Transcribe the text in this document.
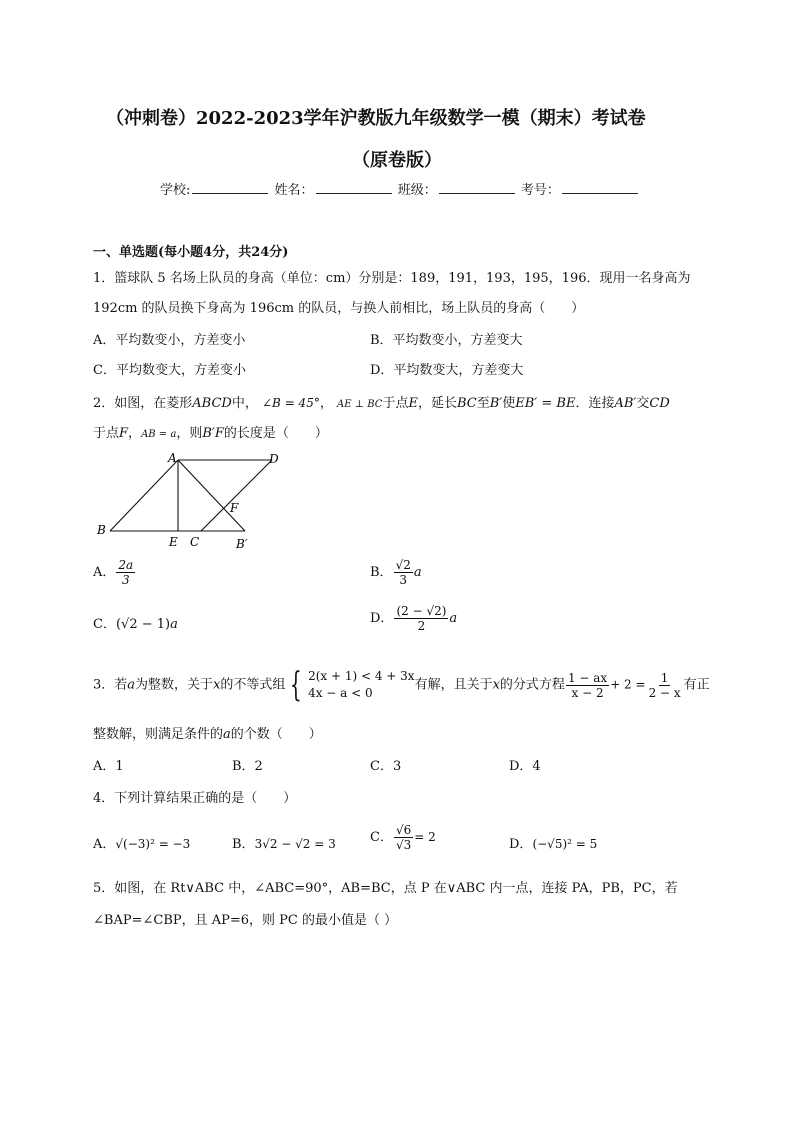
（冲刺卷）2022-2023学年沪教版九年级数学一模（期末）考试卷
（原卷版）
学校:	姓名：	班级：	考号：
一、单选题(每小题4分，共24分)
1．篮球队 5 名场上队员的身高（单位：cm）分别是：189，191，193，195，196．现用一名身高为
192cm 的队员换下身高为 196cm 的队员，与换人前相比，场上队员的身高（　　）
A．平均数变小，方差变小	B．平均数变小，方差变大
C．平均数变大，方差变小	D．平均数变大，方差变大
2．如图，在菱形ABCD中， ∠B = 45°， AE ⊥ BC于点E，延长BC至B′使EB′ = BE．连接AB′交CD
于点F，AB = a，则B′F的长度是（　　）
A	D
F
B
E C	B′
A． $\frac{2a}{3}$	B． $\frac{√2}{3}$ a
C．(√2 − 1)a	D． $\frac{(2 - √2)}{2}$ a
3．若a为整数，关于x的不等式组 { 2(x + 1) < 4 + 3x
4x − a < 0
有解，且关于x的分式方程 $\frac{1 - ax}{x - 2} + 2 = \frac{1}{2 - x}$ 有正
整数解，则满足条件的a的个数（　　）
A．1	B．2	C．3	D．4
4．下列计算结果正确的是（　　）
A．√(−3)² = −3	B．3√2 − √2 = 3	C． $\frac{√6}{√3} = 2$	D．(−√5)² = 5
5．如图，在 Rt∨ABC 中，∠ABC=90°，AB=BC，点 P 在∨ABC 内一点，连接 PA，PB，PC，若
∠BAP=∠CBP，且 AP=6，则 PC 的最小值是（ ）
